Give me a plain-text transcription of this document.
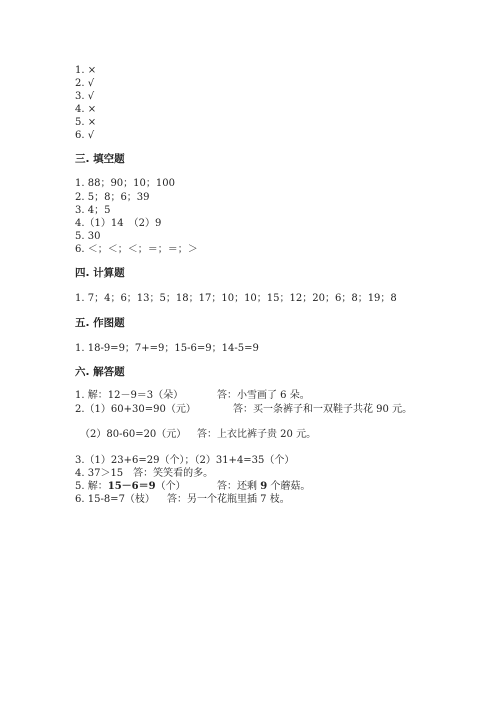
1. ×
2. √
3. √
4. ×
5. ×
6. √
三. 填空题
1. 88；90；10；100
2. 5；8；6；39
3. 4；5
4.（1）14　（2）9
5. 30
6. ＜；＜；＜；＝；＝；＞
四. 计算题
1. 7；4；6；13；5；18；17；10；10；15；12；20；6；8；19；8
五. 作图题
1. 18-9=9；7+=9；15-6=9；14-5=9
六. 解答题
1. 解：12－9＝3（朵）	答：小雪画了 6 朵。
2.（1）60+30=90（元）	答：买一条裤子和一双鞋子共花 90 元。
（2）80-60=20（元） 答：上衣比裤子贵 20 元。
3.（1）23+6=29（个）；（2）31+4=35（个）
4. 37＞15　答：笑笑看的多。
5. 解：15－6＝9（个）	答：还剩 9 个蘑菇。
6. 15-8=7（枝） 答：另一个花瓶里插 7 枝。
